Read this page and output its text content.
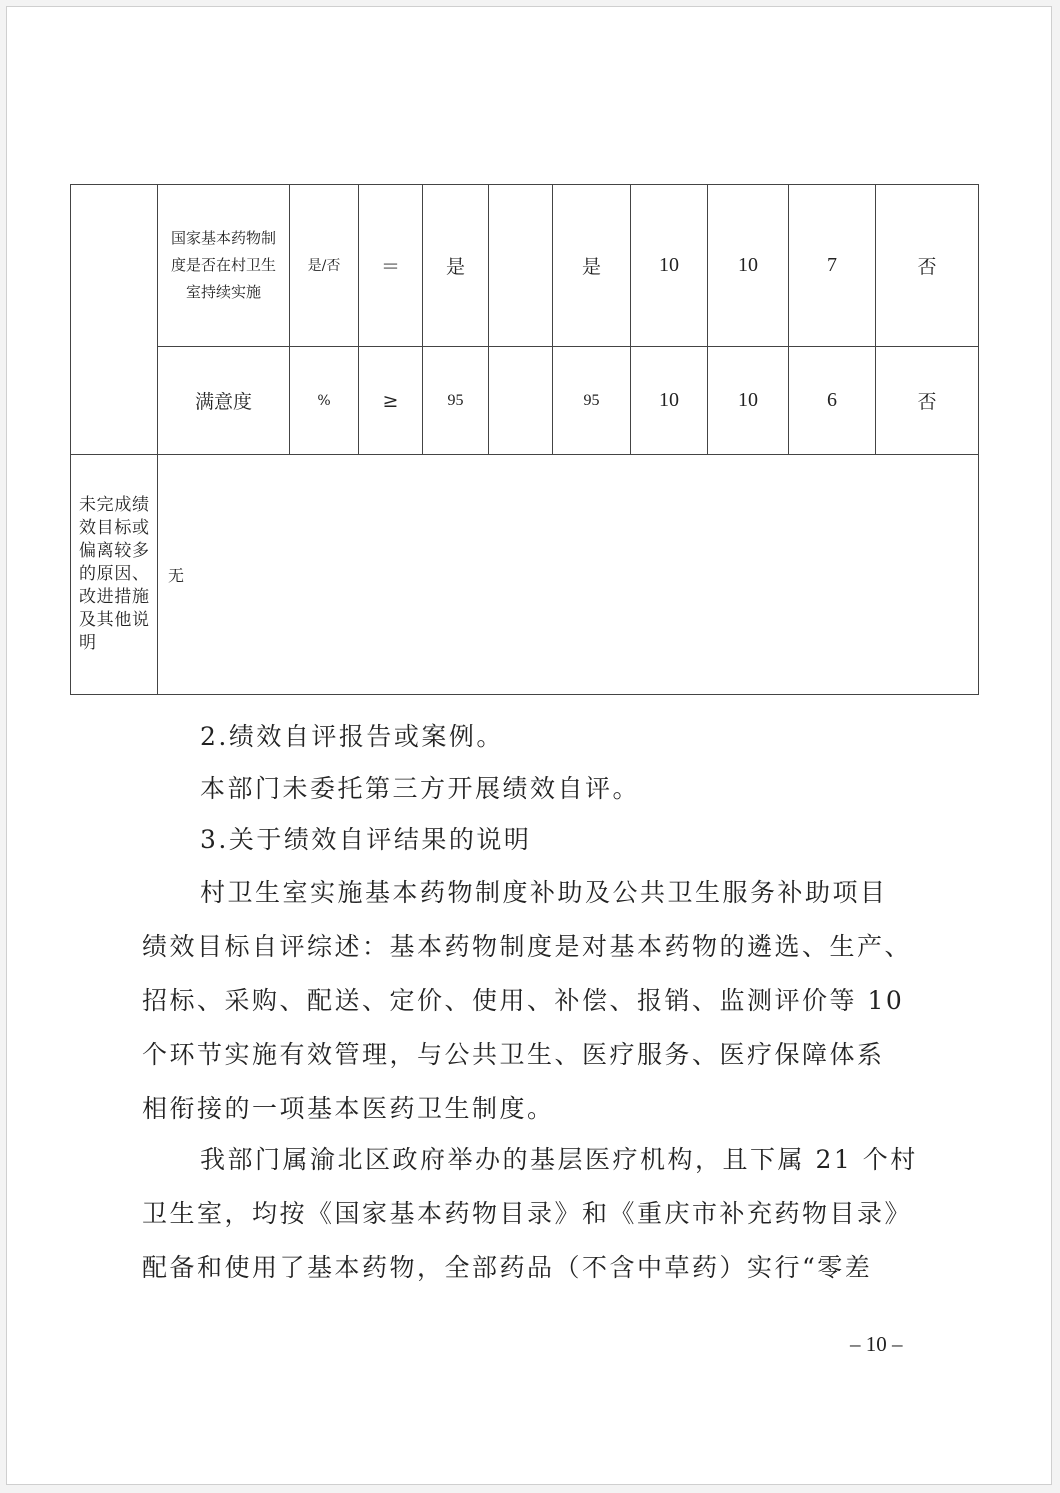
	国家基本药物制度是否在村卫生室持续实施	是/否	＝	是		是	10	10	7	否
	满意度	%	≥	95		95	10	10	6	否

未完成绩效目标或偏离较多的原因、改进措施及其他说明	无									
2.绩效自评报告或案例。
本部门未委托第三方开展绩效自评。
3.关于绩效自评结果的说明
村卫生室实施基本药物制度补助及公共卫生服务补助项目
绩效目标自评综述：基本药物制度是对基本药物的遴选、生产、
招标、采购、配送、定价、使用、补偿、报销、监测评价等 10
个环节实施有效管理，与公共卫生、医疗服务、医疗保障体系
相衔接的一项基本医药卫生制度。
我部门属渝北区政府举办的基层医疗机构，且下属 21 个村
卫生室，均按《国家基本药物目录》和《重庆市补充药物目录》
配备和使用了基本药物，全部药品（不含中草药）实行“零差
– 10 –
